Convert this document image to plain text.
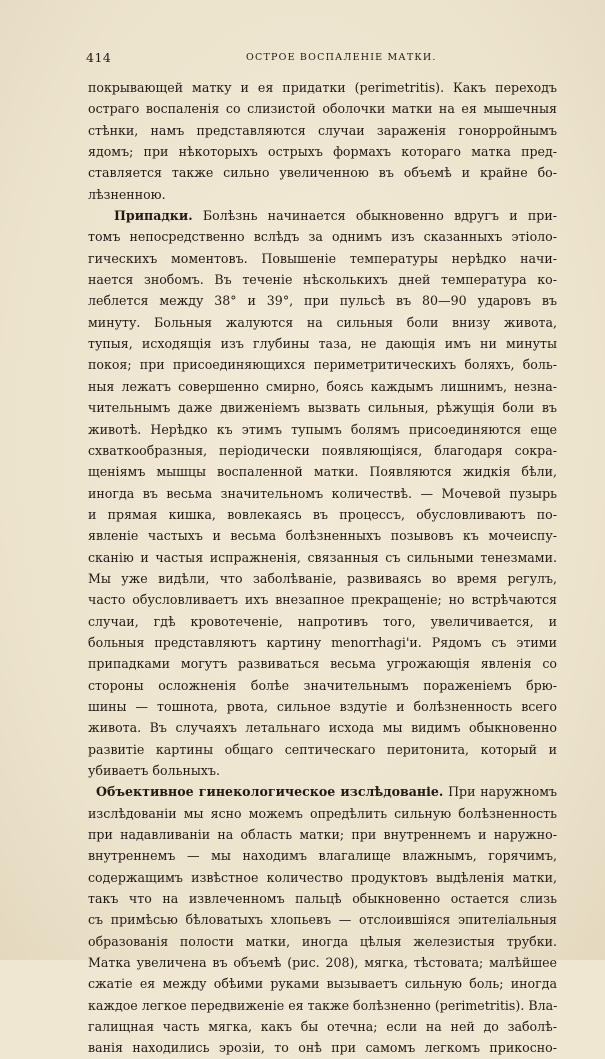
414	ОСТРОЕ ВОСПАЛЕНІЕ МАТКИ.
покрывающей матку и ея придатки (perimetritis). Какъ переходъ
остраго воспаленія со слизистой оболочки матки на ея мышечныя
стѣнки, намъ представляются случаи зараженія гонорройнымъ
ядомъ; при нѣкоторыхъ острыхъ формахъ котораго матка пред-
ставляется также сильно увеличенною въ объемѣ и крайне бо-
лѣзненною.
Припадки. Болѣзнь начинается обыкновенно вдругъ и при-
томъ непосредственно вслѣдъ за однимъ изъ сказанныхъ этіоло-
гическихъ моментовъ. Повышеніе температуры нерѣдко начи-
нается знобомъ. Въ теченіе нѣсколькихъ дней температура ко-
леблется между 38° и 39°, при пульсѣ въ 80—90 ударовъ въ
минуту. Больныя жалуются на сильныя боли внизу живота,
тупыя, исходящія изъ глубины таза, не дающія имъ ни минуты
покоя; при присоединяющихся периметритическихъ боляхъ, боль-
ныя лежатъ совершенно смирно, боясь каждымъ лишнимъ, незна-
чительнымъ даже движеніемъ вызвать сильныя, рѣжущія боли въ
животѣ. Нерѣдко къ этимъ тупымъ болямъ присоединяются еще
схваткообразныя, періодически появляющіяся, благодаря сокра-
щеніямъ мышцы воспаленной матки. Появляются жидкія бѣли,
иногда въ весьма значительномъ количествѣ. — Мочевой пузырь
и прямая кишка, вовлекаясь въ процессъ, обусловливаютъ по-
явленіе частыхъ и весьма болѣзненныхъ позывовъ къ мочеиспу-
сканію и частыя испражненія, связанныя съ сильными тенезмами.
Мы уже видѣли, что заболѣваніе, развиваясь во время регулъ,
часто обусловливаетъ ихъ внезапное прекращеніе; но встрѣчаются
случаи, гдѣ кровотеченіе, напротивъ того, увеличивается, и
больныя представляютъ картину menorrhagi'и. Рядомъ съ этими
припадками могутъ развиваться весьма угрожающія явленія со
стороны осложненія болѣе значительнымъ пораженіемъ брю-
шины — тошнота, рвота, сильное вздутіе и болѣзненность всего
живота. Въ случаяхъ летальнаго исхода мы видимъ обыкновенно
развитіе картины общаго септическаго перитонита, который и
убиваетъ больныхъ.
Объективное гинекологическое изслѣдованіе. При наружномъ
изслѣдованіи мы ясно можемъ опредѣлить сильную болѣзненность
при надавливаніи на область матки; при внутреннемъ и наружно-
внутреннемъ — мы находимъ влагалище влажнымъ, горячимъ,
содержащимъ извѣстное количество продуктовъ выдѣленія матки,
такъ что на извлеченномъ пальцѣ обыкновенно остается слизь
съ примѣсью бѣловатыхъ хлопьевъ — отслоившіяся эпителіальныя
образованія полости матки, иногда цѣлыя железистыя трубки.
Матка увеличена въ объемѣ (рис. 208), мягка, тѣстовата; малѣйшее
сжатіе ея между обѣими руками вызываетъ сильную боль; иногда
каждое легкое передвиженіе ея также болѣзненно (perimetritis). Вла-
галищная часть мягка, какъ бы отечна; если на ней до заболѣ-
ванія находились эрозіи, то онѣ при самомъ легкомъ прикосно-
